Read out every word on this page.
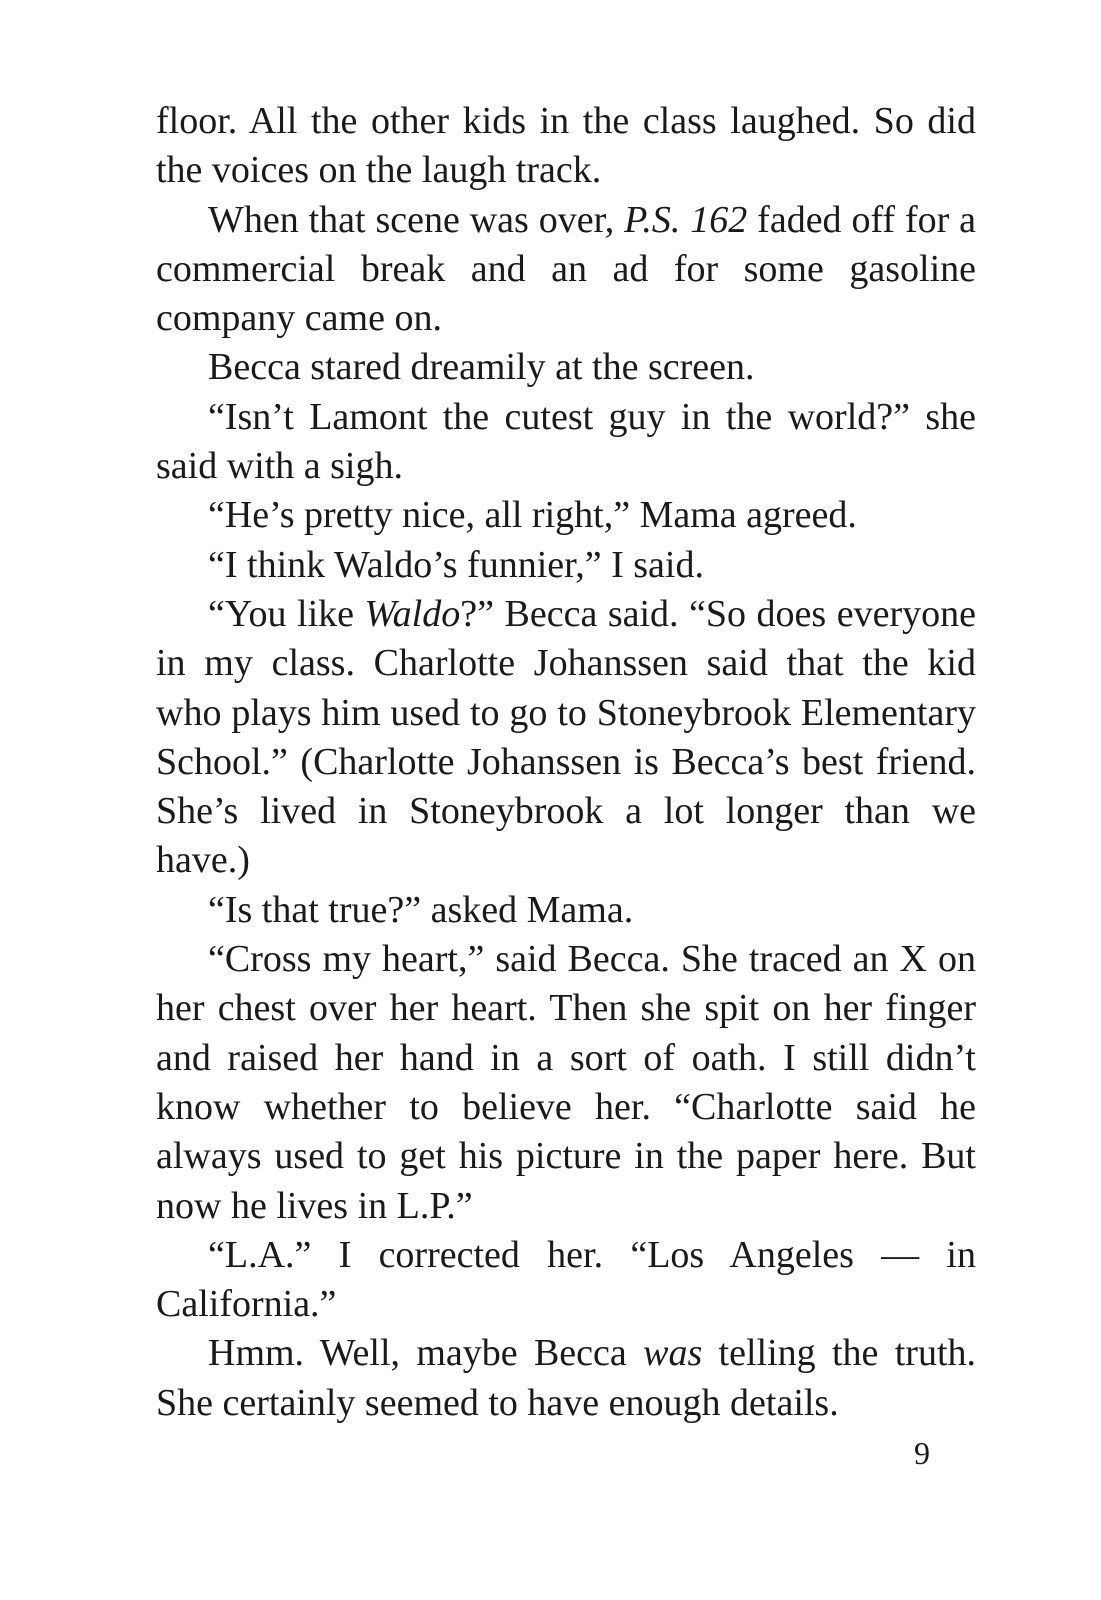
floor. All the other kids in the class laughed. So did the voices on the laugh track.

When that scene was over, P.S. 162 faded off for a commercial break and an ad for some gasoline company came on.

Becca stared dreamily at the screen.

“Isn’t Lamont the cutest guy in the world?” she said with a sigh.

“He’s pretty nice, all right,” Mama agreed.

“I think Waldo’s funnier,” I said.

“You like Waldo?” Becca said. “So does everyone in my class. Charlotte Johanssen said that the kid who plays him used to go to Stoneybrook Elementary School.” (Charlotte Johanssen is Becca’s best friend. She’s lived in Stoneybrook a lot longer than we have.)

“Is that true?” asked Mama.

“Cross my heart,” said Becca. She traced an X on her chest over her heart. Then she spit on her finger and raised her hand in a sort of oath. I still didn’t know whether to believe her. “Charlotte said he always used to get his picture in the paper here. But now he lives in L.P.”

“L.A.” I corrected her. “Los Angeles — in California.”

Hmm. Well, maybe Becca was telling the truth. She certainly seemed to have enough details.

9
